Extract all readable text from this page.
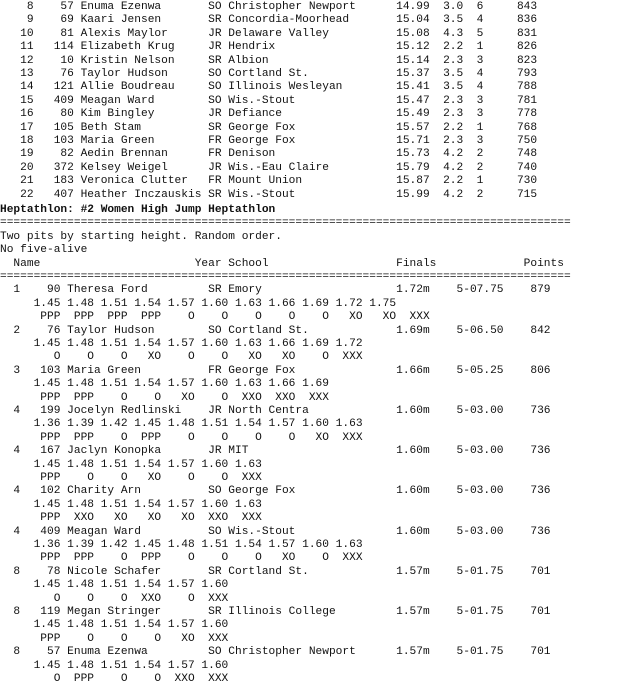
8    57 Enuma Ezenwa       SO Christopher Newport      14.99  3.0  6     843
9    69 Kaari Jensen       SR Concordia-Moorhead       15.04  3.5  4     836
10    81 Alexis Maylor      JR Delaware Valley          15.08  4.3  5     831
11   114 Elizabeth Krug     JR Hendrix                  15.12  2.2  1     826
12    10 Kristin Nelson     SR Albion                   15.14  2.3  3     823
13    76 Taylor Hudson      SO Cortland St.             15.37  3.5  4     793
14   121 Allie Boudreau     SO Illinois Wesleyan        15.41  3.5  4     788
15   409 Meagan Ward        SO Wis.-Stout               15.47  2.3  3     781
16    80 Kim Bingley        JR Defiance                 15.49  2.3  3     778
17   105 Beth Stam          SR George Fox               15.57  2.2  1     768
18   103 Maria Green        FR George Fox               15.71  2.3  3     750
19    82 Aedin Brennan      FR Denison                  15.73  4.2  2     748
20   372 Kelsey Weigel      JR Wis.-Eau Claire          15.79  4.2  2     740
21   183 Veronica Clutter   FR Mount Union              15.87  2.2  1     730
22   407 Heather Inczauskis SR Wis.-Stout               15.99  4.2  2     715
Heptathlon: #2 Women High Jump Heptathlon
=====================================================================================
Two pits by starting height. Random order.
No five-alive
Name                       Year School                   Finals             Points
=====================================================================================
1    90 Theresa Ford         SR Emory                    1.72m    5-07.75    879
1.45 1.48 1.51 1.54 1.57 1.60 1.63 1.66 1.69 1.72 1.75
PPP  PPP  PPP  PPP    O    O    O    O    O   XO   XO  XXX
2    76 Taylor Hudson        SO Cortland St.             1.69m    5-06.50    842
1.45 1.48 1.51 1.54 1.57 1.60 1.63 1.66 1.69 1.72
O    O    O   XO    O    O   XO   XO    O  XXX
3   103 Maria Green          FR George Fox               1.66m    5-05.25    806
1.45 1.48 1.51 1.54 1.57 1.60 1.63 1.66 1.69
PPP  PPP    O    O   XO    O  XXO  XXO  XXX
4   199 Jocelyn Redlinski    JR North Centra             1.60m    5-03.00    736
1.36 1.39 1.42 1.45 1.48 1.51 1.54 1.57 1.60 1.63
PPP  PPP    O  PPP    O    O    O    O   XO  XXX
4   167 Jaclyn Konopka       JR MIT                      1.60m    5-03.00    736
1.45 1.48 1.51 1.54 1.57 1.60 1.63
PPP    O    O   XO    O    O  XXX
4   102 Charity Arn          SO George Fox               1.60m    5-03.00    736
1.45 1.48 1.51 1.54 1.57 1.60 1.63
PPP  XXO   XO   XO   XO  XXO  XXX
4   409 Meagan Ward          SO Wis.-Stout               1.60m    5-03.00    736
1.36 1.39 1.42 1.45 1.48 1.51 1.54 1.57 1.60 1.63
PPP  PPP    O  PPP    O    O    O   XO    O  XXX
8    78 Nicole Schafer       SR Cortland St.             1.57m    5-01.75    701
1.45 1.48 1.51 1.54 1.57 1.60
O    O    O  XXO    O  XXX
8   119 Megan Stringer       SR Illinois College         1.57m    5-01.75    701
1.45 1.48 1.51 1.54 1.57 1.60
PPP    O    O    O   XO  XXX
8    57 Enuma Ezenwa         SO Christopher Newport      1.57m    5-01.75    701
1.45 1.48 1.51 1.54 1.57 1.60
O  PPP    O    O  XXO  XXX
